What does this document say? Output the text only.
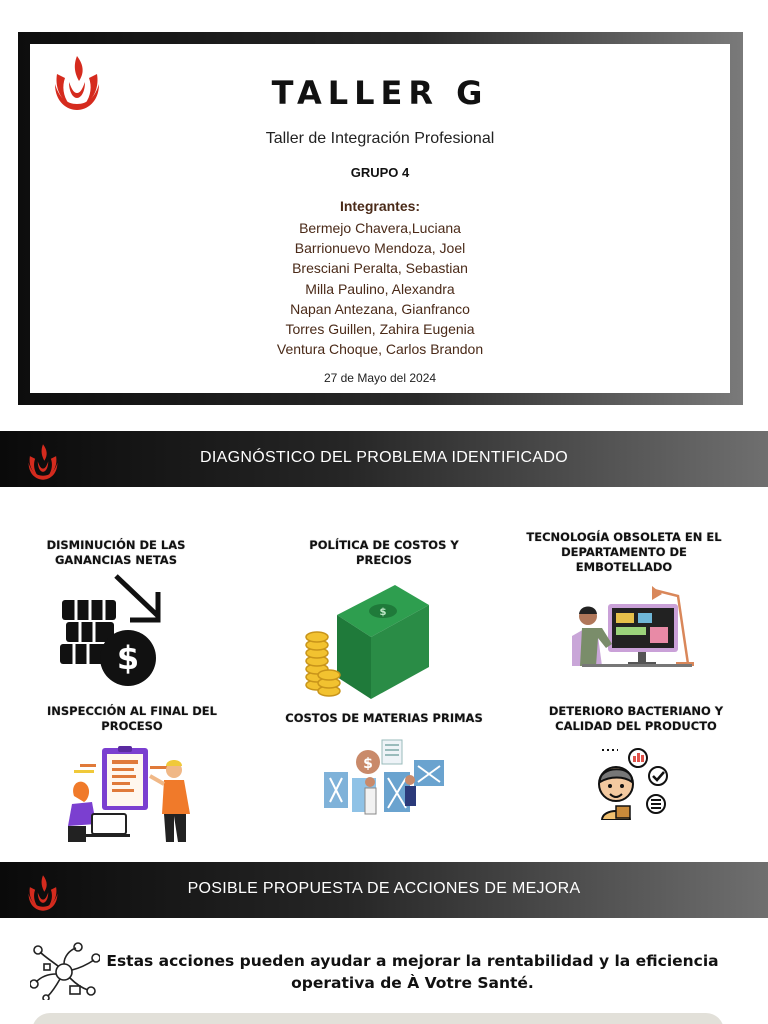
TALLER G
Taller de Integración Profesional
GRUPO 4
Integrantes:
Bermejo Chavera,Luciana
Barrionuevo Mendoza, Joel
Bresciani Peralta, Sebastian
Milla Paulino, Alexandra
Napan Antezana, Gianfranco
Torres Guillen, Zahira Eugenia
Ventura Choque, Carlos Brandon
27 de Mayo del 2024
DIAGNÓSTICO DEL PROBLEMA IDENTIFICADO
DISMINUCIÓN DE LAS GANANCIAS NETAS
$
POLÍTICA DE COSTOS Y PRECIOS
$
TECNOLOGÍA OBSOLETA EN EL DEPARTAMENTO DE EMBOTELLADO
INSPECCIÓN AL FINAL DEL PROCESO
COSTOS DE MATERIAS PRIMAS
$
DETERIORO BACTERIANO Y CALIDAD DEL PRODUCTO
POSIBLE PROPUESTA DE ACCIONES DE MEJORA
Estas acciones pueden ayudar a mejorar la rentabilidad y la eficiencia operativa de À Votre Santé.
